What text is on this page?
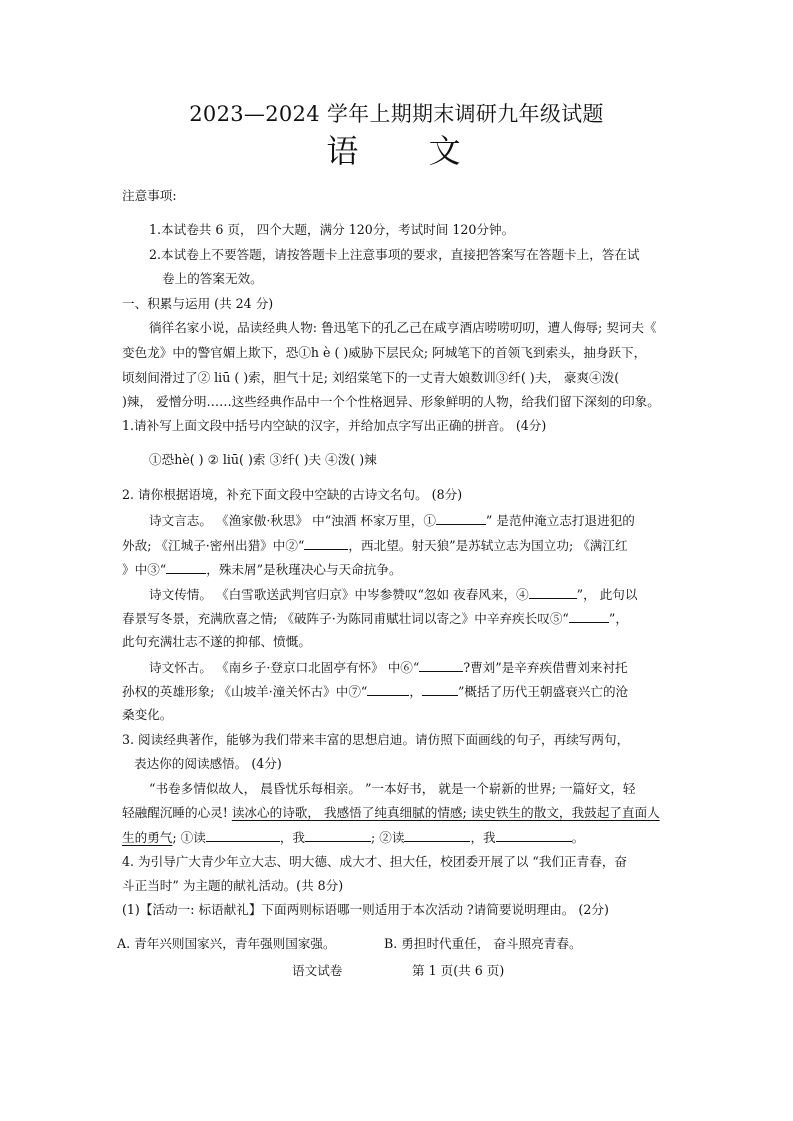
2023—2024 学年上期期末调研九年级试题
语 文
注意事项:
1.本试卷共 6 页， 四个大题，满分 120分，考试时间 120分钟。
2.本试卷上不要答题，请按答题卡上注意事项的要求，直接把答案写在答题卡上，答在试
卷上的答案无效。
一、积累与运用 (共 24 分)
徜徉名家小说，品读经典人物: 鲁迅笔下的孔乙己在咸亨酒店唠唠叨叨，遭人侮辱; 契诃夫《
变色龙》中的警官媚上欺下，恐①h è ( )威胁下层民众; 阿城笔下的首领飞到索头，抽身跃下，
顷刻间滑过了② liū ( )索，胆气十足; 刘绍棠笔下的一丈青大娘数训③纤( )夫， 豪爽④泼(
)辣， 爱憎分明……这些经典作品中一个个性格迥异、形象鲜明的人物，给我们留下深刻的印象。
1.请补写上面文段中括号内空缺的汉字，并给加点字写出正确的拼音。 (4分)
①恐hè( ) ② liū( )索 ③纤( )夫 ④泼( )辣
2. 请你根据语境，补充下面文段中空缺的古诗文名句。 (8分)
诗文言志。 《渔家傲·秋思》 中“浊酒 杯家万里，①	” 是范仲淹立志打退进犯的
外敌; 《江城子·密州出猎》中②“	，西北望。射天狼”是苏轼立志为国立功; 《满江红
》中③“	，殊未屑”是秋瑾决心与天命抗争。
诗文传情。 《白雪歌送武判官归京》中岑参赞叹“忽如 夜春风来，④	”， 此句以
春景写冬景，充满欣喜之情; 《破阵子·为陈同甫赋壮词以寄之》中辛弃疾长叹⑤“	”，
此句充满壮志不遂的抑郁、愤慨。
诗文怀古。 《南乡子·登京口北固亭有怀》 中⑥“	?曹刘”是辛弃疾借曹刘来衬托
孙权的英雄形象; 《山坡羊·潼关怀古》中⑦“	，	”概括了历代王朝盛衰兴亡的沧
桑变化。
3. 阅读经典著作，能够为我们带来丰富的思想启迪。请仿照下面画线的句子，再续写两句，
表达你的阅读感悟。 (4分)
“书卷多情似故人， 晨昏忧乐每相亲。 ”一本好书， 就是一个崭新的世界; 一篇好文，轻
轻融醒沉睡的心灵! 读冰心的诗歌， 我感悟了纯真细腻的情感; 读史铁生的散文，我鼓起了直面人
生的勇气; ①读	，我	; ②读	，我	。
4. 为引导广大青少年立大志、明大德、成大才、担大任，校团委开展了以 “我们正青春，奋
斗正当时” 为主题的献礼活动。(共 8分)
(1)【活动一: 标语献礼】下面两则标语哪一则适用于本次活动 ?请简要说明理由。 (2分)
A. 青年兴则国家兴，青年强则国家强。	B. 勇担时代重任， 奋斗照亮青春。
语文试卷	第 1 页(共 6 页)
